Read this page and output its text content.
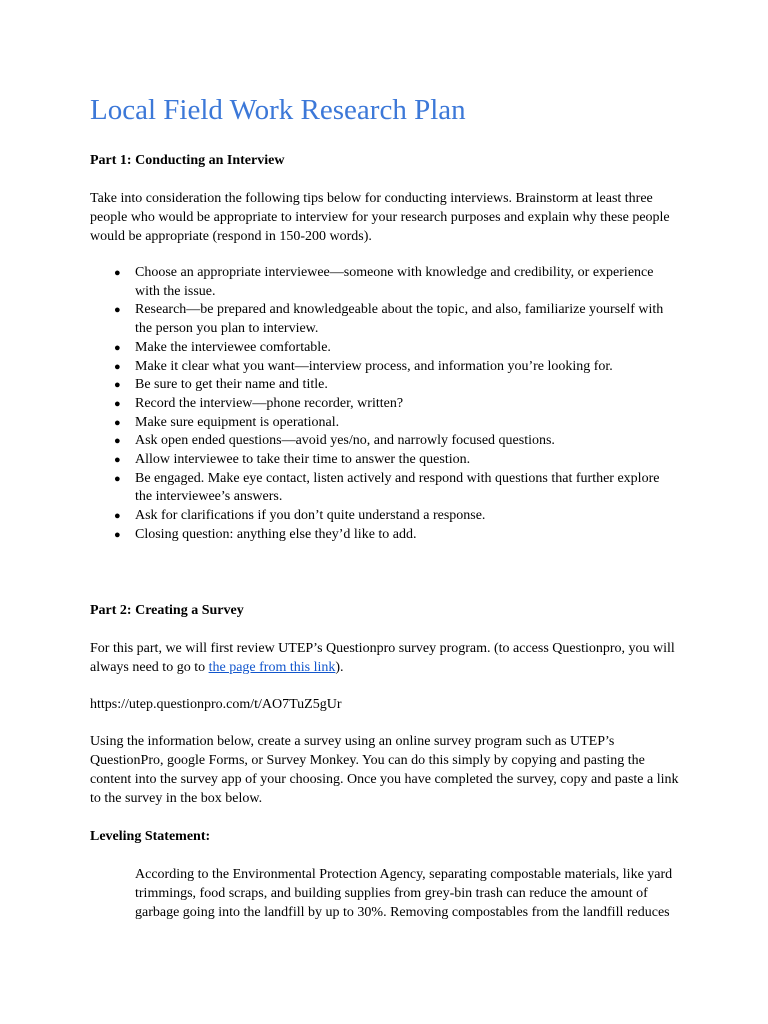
Local Field Work Research Plan
Part 1: Conducting an Interview

Take into consideration the following tips below for conducting interviews. Brainstorm at least three people who would be appropriate to interview for your research purposes and explain why these people would be appropriate (respond in 150-200 words).

● Choose an appropriate interviewee—someone with knowledge and credibility, or experience with the issue.
● Research—be prepared and knowledgeable about the topic, and also, familiarize yourself with the person you plan to interview.
● Make the interviewee comfortable.
● Make it clear what you want—interview process, and information you’re looking for.
● Be sure to get their name and title.
● Record the interview—phone recorder, written?
● Make sure equipment is operational.
● Ask open ended questions—avoid yes/no, and narrowly focused questions.
● Allow interviewee to take their time to answer the question.
● Be engaged. Make eye contact, listen actively and respond with questions that further explore the interviewee’s answers.
● Ask for clarifications if you don’t quite understand a response.
● Closing question: anything else they’d like to add.
Part 2: Creating a Survey

For this part, we will first review UTEP’s Questionpro survey program. (to access Questionpro, you will always need to go to the page from this link).

https://utep.questionpro.com/t/AO7TuZ5gUr

Using the information below, create a survey using an online survey program such as UTEP’s QuestionPro, google Forms, or Survey Monkey. You can do this simply by copying and pasting the content into the survey app of your choosing. Once you have completed the survey, copy and paste a link to the survey in the box below.

Leveling Statement:

According to the Environmental Protection Agency, separating compostable materials, like yard trimmings, food scraps, and building supplies from grey-bin trash can reduce the amount of garbage going into the landfill by up to 30%. Removing compostables from the landfill reduces
